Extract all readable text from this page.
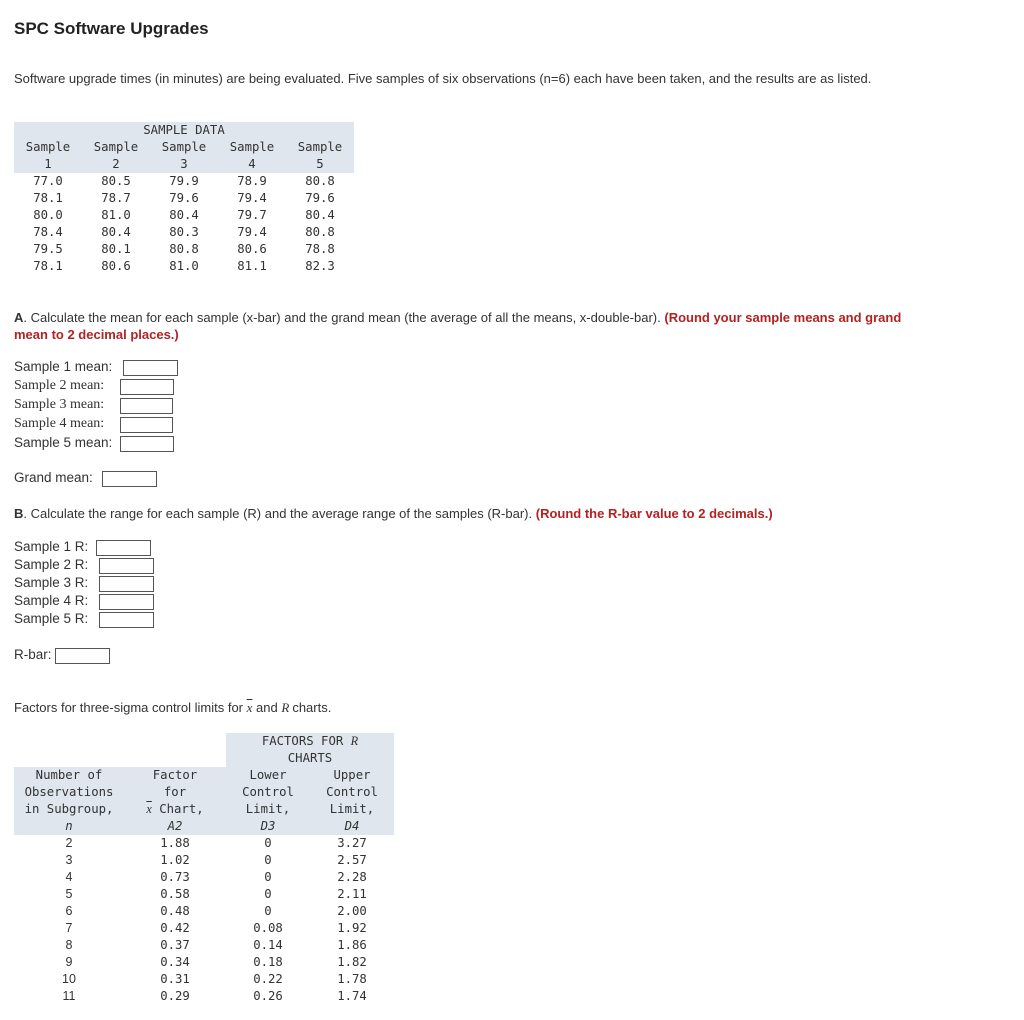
SPC Software Upgrades
Software upgrade times (in minutes) are being evaluated. Five samples of six observations (n=6) each have been taken, and the results are as listed.
SAMPLE DATA				
Sample	Sample	Sample	Sample	Sample
1	2	3	4	5
77.0	80.5	79.9	78.9	80.8
78.1	78.7	79.6	79.4	79.6
80.0	81.0	80.4	79.7	80.4
78.4	80.4	80.3	79.4	80.8
79.5	80.1	80.8	80.6	78.8
78.1	80.6	81.0	81.1	82.3
A. Calculate the mean for each sample (x-bar) and the grand mean (the average of all the means, x-double-bar). (Round your sample means and grand mean to 2 decimal places.)
Sample 1 mean:
Sample 2 mean:
Sample 3 mean:
Sample 4 mean:
Sample 5 mean:
Grand mean:
B. Calculate the range for each sample (R) and the average range of the samples (R-bar). (Round the R-bar value to 2 decimals.)
Sample 1 R:
Sample 2 R:
Sample 3 R:
Sample 4 R:
Sample 5 R:
R-bar:
Factors for three-sigma control limits for $\overline{x}$ and R charts.
		FACTORS FOR R	
		CHARTS	
Number of	Factor	Lower	Upper
Observations	for	Control	Control
in Subgroup,	$\overline{x}$ Chart,	Limit,	Limit,
n	A2	D3	D4
2	1.88	0	3.27
3	1.02	0	2.57
4	0.73	0	2.28
5	0.58	0	2.11
6	0.48	0	2.00
7	0.42	0.08	1.92
8	0.37	0.14	1.86
9	0.34	0.18	1.82
10	0.31	0.22	1.78
11	0.29	0.26	1.74
